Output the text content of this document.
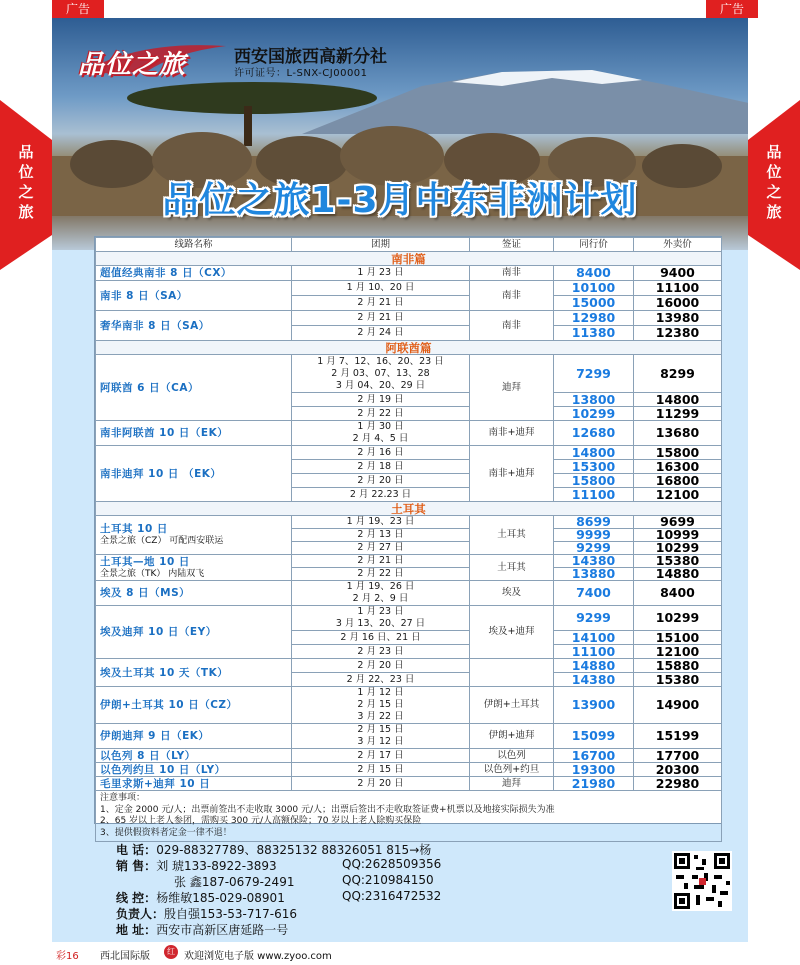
广告	广告
品
位
之
旅
品
位
之
旅
品位之旅	西安国旅西高新分社
许可证号：L-SNX-CJ00001
品位之旅1-3月中东非洲计划
线路名称	团期	签证	同行价	外卖价
南非篇				
超值经典南非 8 日（CX）	1 月 23 日	南非	8400	9400
南非 8 日（SA）	1 月 10、20 日	南非	10100	11100
	2 月 21 日		15000	16000
奢华南非 8 日（SA）	2 月 21 日	南非	12980	13980
	2 月 24 日		11380	12380
阿联酋篇				
阿联酋 6 日（CA）	1 月 7、12、16、20、23 日
2 月 03、07、13、28
3 月 04、20、29 日	迪拜	7299	8299
	2 月 19 日		13800	14800
	2 月 22 日		10299	11299
南非阿联酋 10 日（EK）	1 月 30 日
2 月 4、5 日	南非+迪拜	12680	13680
南非迪拜 10 日 （EK）	2 月 16 日	南非+迪拜	14800	15800
	2 月 18 日		15300	16300
	2 月 20 日		15800	16800
	2 月 22.23 日		11100	12100
土耳其				
土耳其 10 日
全景之旅（CZ） 可配西安联运	1 月 19、23 日	土耳其	8699	9699
	2 月 13 日		9999	10999
	2 月 27 日		9299	10299
土耳其—地 10 日
全景之旅（TK） 内陆双飞	2 月 21 日	土耳其	14380	15380
	2 月 22 日		13880	14880
埃及 8 日（MS）	1 月 19、26 日
2 月 2、9 日	埃及	7400	8400
埃及迪拜 10 日（EY）	1 月 23 日
3 月 13、20、27 日	埃及+迪拜	9299	10299
	2 月 16 日、21 日		14100	15100
	2 月 23 日		11100	12100
埃及土耳其 10 天（TK）	2 月 20 日		14880	15880
	2 月 22、23 日		14380	15380
伊朗+土耳其 10 日（CZ）	1 月 12 日
2 月 15 日
3 月 22 日	伊朗+土耳其	13900	14900
伊朗迪拜 9 日（EK）	2 月 15 日
3 月 12 日	伊朗+迪拜	15099	15199
以色列 8 日（LY）	2 月 17 日	以色列	16700	17700
以色列约旦 10 日（LY）	2 月 15 日	以色列+约旦	19300	20300
毛里求斯+迪拜 10 日	2 月 20 日	迪拜	21980	22980

注意事项：
1、定金 2000 元/人；出票前签出不走收取 3000 元/人；出票后签出不走收取签证费+机票以及地接实际损失为准
2、65 岁以上老人参团，需购买 300 元/人高额保险；70 岁以上老人除购买保险
3、提供假资料者定金一律不退！				
电 话：029-88327789、88325132 88326051 815→杨
销 售：刘 琥133-8922-3893	QQ:2628509356
张 鑫187-0679-2491	QQ:210984150
线 控：杨维敏185-029-08901	QQ:2316472532
负责人：殷自强153-53-717-616
地 址：西安市高新区唐延路一号
彩16 西北国际版	红 欢迎浏览电子版 www.zyoo.com
